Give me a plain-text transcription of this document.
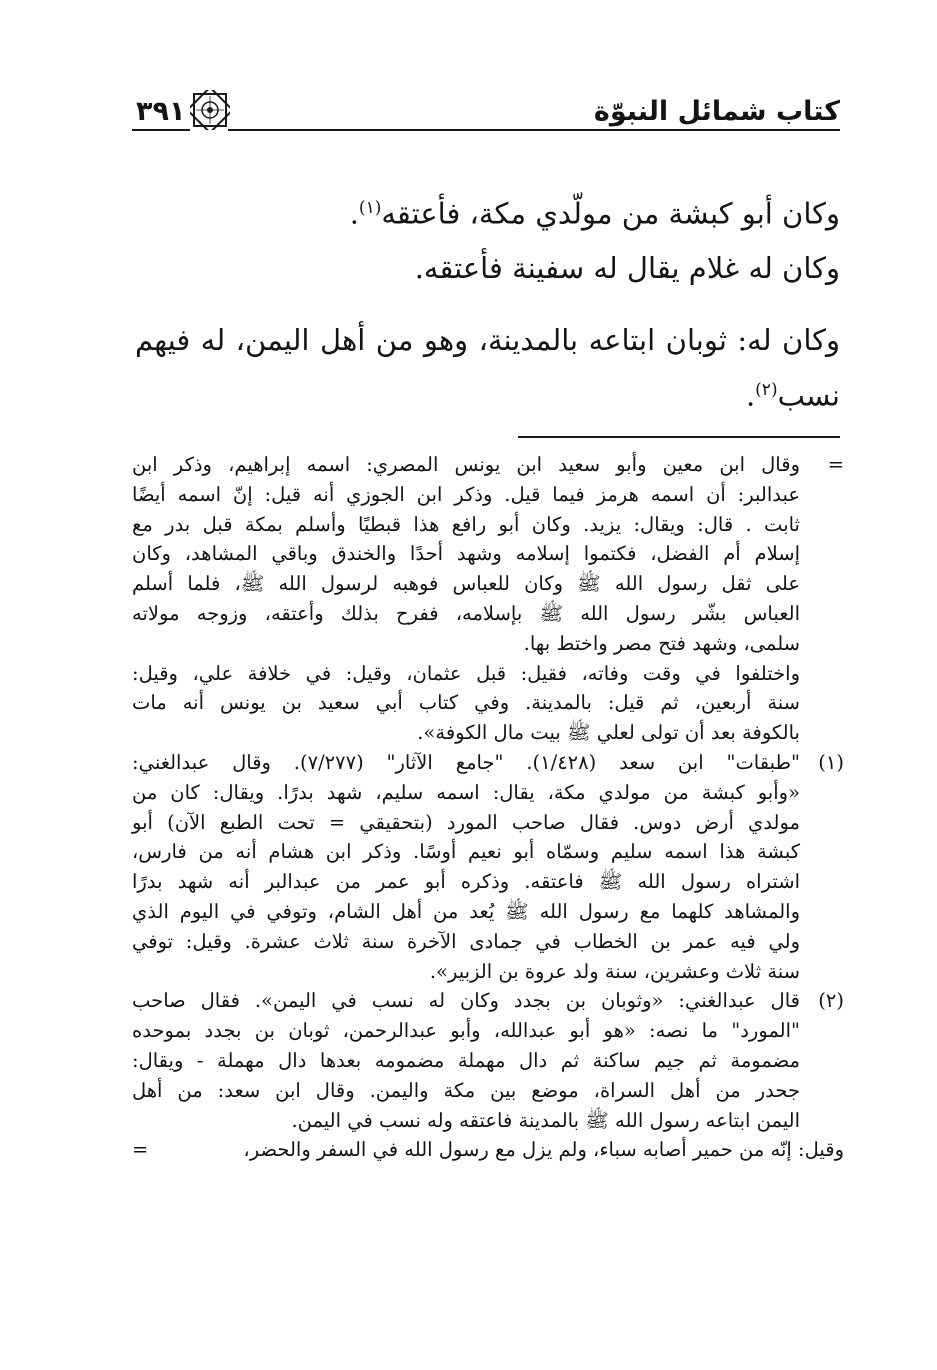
كتاب شمائل النبوّة
٣٩١

وكان أبو كبشة من مولّدي مكة، فأعتقه$^{(١)}$.

وكان له غلام يقال له سفينة فأعتقه.

وكان له: ثوبان ابتاعه بالمدينة، وهو من أهل اليمن، له فيهم

نسب$^{(٢)}$.

=
وقال ابن معين وأبو سعيد ابن يونس المصري: اسمه إبراهيم، وذكر ابن
عبدالبر: أن اسمه هرمز فيما قيل. وذكر ابن الجوزي أنه قيل: إنّ اسمه أيضًا
ثابت . قال: ويقال: يزيد. وكان أبو رافع هذا قبطيًا وأسلم بمكة قبل بدر مع
إسلام أم الفضل، فكتموا إسلامه وشهد أحدًا والخندق وباقي المشاهد، وكان
على ثقل رسول الله ﷺ وكان للعباس فوهبه لرسول الله ﷺ، فلما أسلم
العباس بشّر رسول الله ﷺ بإسلامه، ففرح بذلك وأعتقه، وزوجه مولاته
سلمى، وشهد فتح مصر واختط بها.
واختلفوا في وقت وفاته، فقيل: قبل عثمان، وقيل: في خلافة علي، وقيل:
سنة أربعين، ثم قيل: بالمدينة. وفي كتاب أبي سعيد بن يونس أنه مات
بالكوفة بعد أن تولى لعلي ﷺ بيت مال الكوفة».
(١)
"طبقات" ابن سعد (١/٤٢٨). "جامع الآثار" (٧/٢٧٧). وقال عبدالغني:
«وأبو كبشة من مولدي مكة، يقال: اسمه سليم، شهد بدرًا. ويقال: كان من
مولدي أرض دوس. فقال صاحب المورد (بتحقيقي = تحت الطبع الآن) أبو
كبشة هذا اسمه سليم وسمّاه أبو نعيم أوسًا. وذكر ابن هشام أنه من فارس،
اشتراه رسول الله ﷺ فاعتقه. وذكره أبو عمر من عبدالبر أنه شهد بدرًا
والمشاهد كلهما مع رسول الله ﷺ يُعد من أهل الشام، وتوفي في اليوم الذي
ولي فيه عمر بن الخطاب في جمادى الآخرة سنة ثلاث عشرة. وقيل: توفي
سنة ثلاث وعشرين، سنة ولد عروة بن الزبير».
(٢)
قال عبدالغني: «وثوبان بن بجدد وكان له نسب في اليمن». فقال صاحب
"المورد" ما نصه: «هو أبو عبدالله، وأبو عبدالرحمن، ثوبان بن بجدد بموحده
مضمومة ثم جيم ساكنة ثم دال مهملة مضمومه بعدها دال مهملة - ويقال:
جحدر من أهل السراة، موضع بين مكة واليمن. وقال ابن سعد: من أهل
اليمن ابتاعه رسول الله ﷺ بالمدينة فاعتقه وله نسب في اليمن.
وقيل: إنّه من حمير أصابه سباء، ولم يزل مع رسول الله في السفر والحضر،
=
